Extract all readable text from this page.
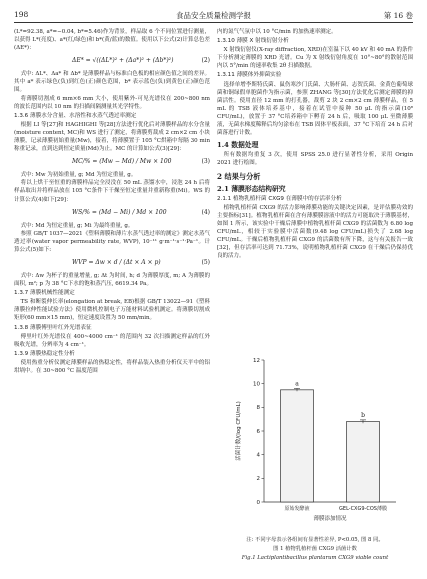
198	食品安全质量检测学报	第 16 卷

(L*=92.38, a*=−0.04, b*=5.46)作为背景，样品取 6 个不同位置进行测量，以获得 L*(亮度)、a*(红/绿色)和 b*(黄/蓝)的数值。使用以下公式(2)计算总色差(ΔE*)：

ΔE* = √((ΔL*)² + (Δa*)² + (Δb*)²)	(2)

式中: ΔL*、Δa* 和 Δb* 是薄膜样品与标准白色板的相应颜色值之间的差异。其中 a* 表示绿色(负)到红色(正)颜色范围，b* 表示蓝色(负)到黄色(正)颜色范围。

将薄膜切割成 6 mm×6 mm 大小，使用紫外-可见光谱仪在 200~800 nm 的波长范围内以 10 nm 的扫描间隔测量其光学特性。

1.3.6 薄膜水分含量、水溶性和水蒸气透过率测定

根据 LI 等[27]和 HAGHIGHI 等[28]方法进行优化后对薄膜样品的水分含量(moisture content, MC)和 WS 进行了测定，将薄膜剪裁成 2 cm×2 cm 小块薄膜，记录薄膜初始重量(Mw)，接着，将薄膜置于 105 °C烘箱中每隔 30 min 称重记录，直到达到恒定质量(Md)为止。MC 的计算如公式(3)[29]：

MC/% = (Mw − Md) / Mw × 100	(3)

式中: Mw 为初始重量, g; Md 为恒定重量, g。

将以上烘干至恒重的薄膜样品完全浸没在 50 mL 蒸馏水中，浸泡 24 h 后将样品取出并将样品放在 105 °C条件下干燥至恒定重量并重新称重(Mi)。WS 的计算公式(4)如下[29]：

WS/% = (Md − Mi) / Md × 100	(4)

式中: Md 为恒定重量, g; Mi 为最终重量, g。

参照 GB/T 1037—2021《塑料薄膜和薄片水蒸气透过率的测定》测定水蒸气透过率(water vapor permeability rate, WVP), 10⁻¹¹ g·m⁻¹·s⁻¹·Pa⁻¹。计算公式(5)如下:

WVP = Δw × d / (Δt × A × p)	(5)

式中: Δw 为杯子的重量增量, g; Δt 为时间, h; d 为薄膜厚度, m; A 为薄膜的面积, m²; p 为 38 °C下水的饱和蒸汽压, 6619.34 Pa。

1.3.7 薄膜机械性能测定

TS 和断裂伸长率(elongation at break, EB)根据 GB/T 13022—91《塑料 薄膜拉伸性能试验方法》使用微机控制电子万能材料试验机测定。将薄膜切割成矩形(60 mm×15 mm)，恒定速度设置为 50 mm/min。

1.3.8 薄膜傅里叶红外光谱表征

傅里叶红外光谱仪在 400~4000 cm⁻¹ 的范围内 32 次扫描测定样品的红外吸收光谱，分辨率为 4 cm⁻¹。

1.3.9 薄膜热稳定性分析

使用热重分析仪测定薄膜样品的热稳定性，将样品装入热重分析仪天平中的铝坩埚中。在 30~800 °C 温度范围

内的氮气气氛中以 10 °C/min 的加热速率测定。

1.3.10 薄膜 X 射线衍射分析

X 射线衍射仪(X-ray diffraction, XRD)在室温下以 40 kV 和 40 mA 的条件下分析测定薄膜的 XRD 光谱。Cu 为 X 射线衍射角度在 10°~80°的散射范围内以 5°/min 的速率收集 2θ 扫描数据。

1.3.11 薄膜体外抑菌实验

选择单增李斯特氏菌、鼠伤寒沙门氏菌、大肠杆菌、志贺氏菌、金黄色葡萄球菌和铜绿假单胞菌作为指示菌，参照 ZHANG 等[30]方法优化后测定薄膜的抑菌活性。使用直径 12 mm 的打孔器，裁剪 2 块 2 cm×2 cm 薄膜样品，在 5 mL 的 TSB 液体培养基中，接着在试管中接种 50 μL 的指示菌(10⁸ CFU/mL)，放置于 37 °C培养箱中下孵育 24 h 后，吸取 100 μL 至微薄膜液，无菌水梯度稀释后均匀涂布在 TSB 固体平板表面，37 °C下培育 24 h 后对菌落进行计数。

1.4 数据处理

所有数据均重复 3 次，使用 SPSS 25.0 进行显著性分析，采用 Origin 2021 进行绘图。

2 结果与分析

2.1 薄膜形态结构研究

2.1.1 植物乳植杆菌 CXG9 在薄膜中的存活率分析

植物乳植杆菌 CXG9 的活力影响薄膜功能的关键决定因素，是评估膜功效的主要指标[31]。植物乳植杆菌在含有薄膜膜溶液中的活力可能取决于薄膜基材，如图 1 所示，该实验中干燥后薄膜中植物乳植杆菌 CXG9 的活菌数为 6.80 log CFU/mL，相较于实验膜中活菌数(9.48 log CFU/mL)损失了 2.68 log CFU/mL。干燥后植物乳植杆菌 CXG9 的活菌数有所下降，这与有关报告一致[32]，但存活率可达到 71.73%，说明植物乳植杆菌 CXG9 在干燥后仍保持优良的活力。

0
2
4
6
8
10
12
a
原始发酵液
b
GEL-CXG9-COS薄膜
薄膜添加情况
活菌计数/(log CFU/mL)
注: 不同字母表示各组间有显著性差异, P<0.05, 图 8 同。
图 1 植物乳植杆菌 CXG9 活菌计数
Fig.1 Lactiplantibacillus plantarum CXG9 viable count
